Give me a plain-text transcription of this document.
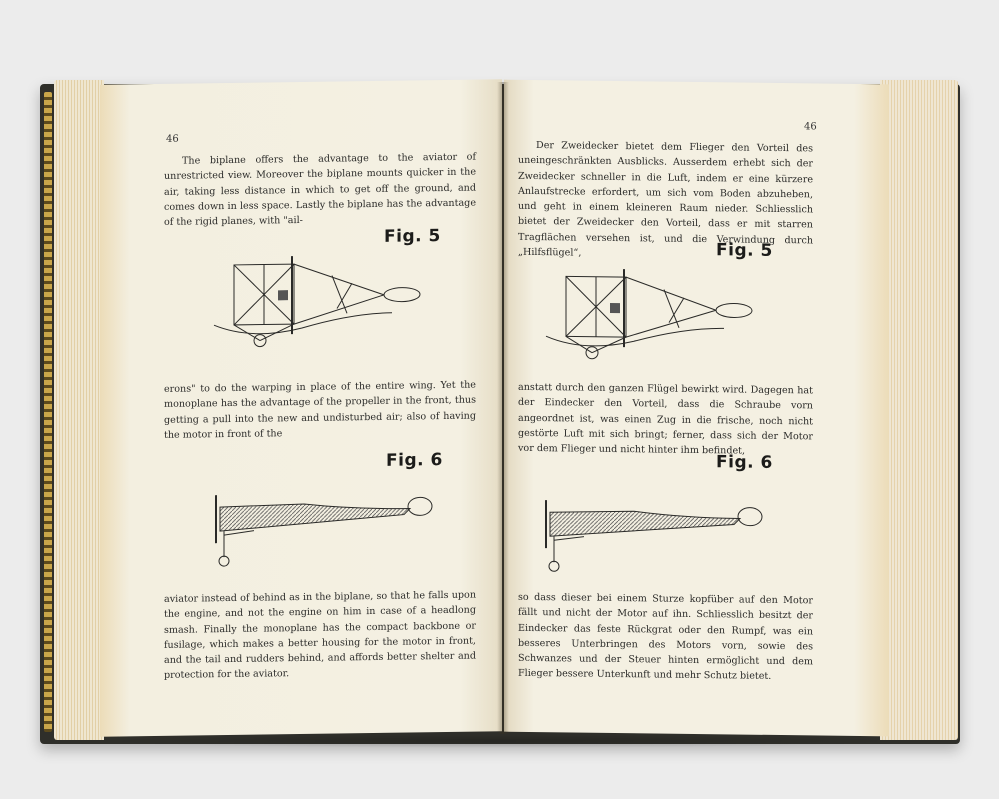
46

The biplane offers the advantage to the aviator of unrestricted view. Moreover the biplane mounts quicker in the air, taking less distance in which to get off the ground, and comes down in less space. Lastly the biplane has the advantage of the rigid planes, with "ail-

Fig. 5

erons" to do the warping in place of the entire wing. Yet the monoplane has the advantage of the propeller in the front, thus getting a pull into the new and undisturbed air; also of having the motor in front of the

Fig. 6

aviator instead of behind as in the biplane, so that he falls upon the engine, and not the engine on him in case of a headlong smash. Finally the monoplane has the compact backbone or fusilage, which makes a better housing for the motor in front, and the tail and rudders behind, and affords better shelter and protection for the aviator.

46

Der Zweidecker bietet dem Flieger den Vorteil des uneingeschränkten Ausblicks. Ausserdem erhebt sich der Zweidecker schneller in die Luft, indem er eine kürzere Anlaufstrecke erfordert, um sich vom Boden abzuheben, und geht in einem kleineren Raum nieder. Schliesslich bietet der Zweidecker den Vorteil, dass er mit starren Tragflächen versehen ist, und die Verwindung durch „Hilfsflügel“,	Fig. 5

anstatt durch den ganzen Flügel bewirkt wird. Dagegen hat der Eindecker den Vorteil, dass die Schraube vorn angeordnet ist, was einen Zug in die frische, noch nicht gestörte Luft mit sich bringt; ferner, dass sich der Motor vor dem Flieger und nicht hinter ihm befindet,

Fig. 6

so dass dieser bei einem Sturze kopfüber auf den Motor fällt und nicht der Motor auf ihn. Schliesslich besitzt der Eindecker das feste Rückgrat oder den Rumpf, was ein besseres Unterbringen des Motors vorn, sowie des Schwanzes und der Steuer hinten ermöglicht und dem Flieger bessere Unterkunft und mehr Schutz bietet.
